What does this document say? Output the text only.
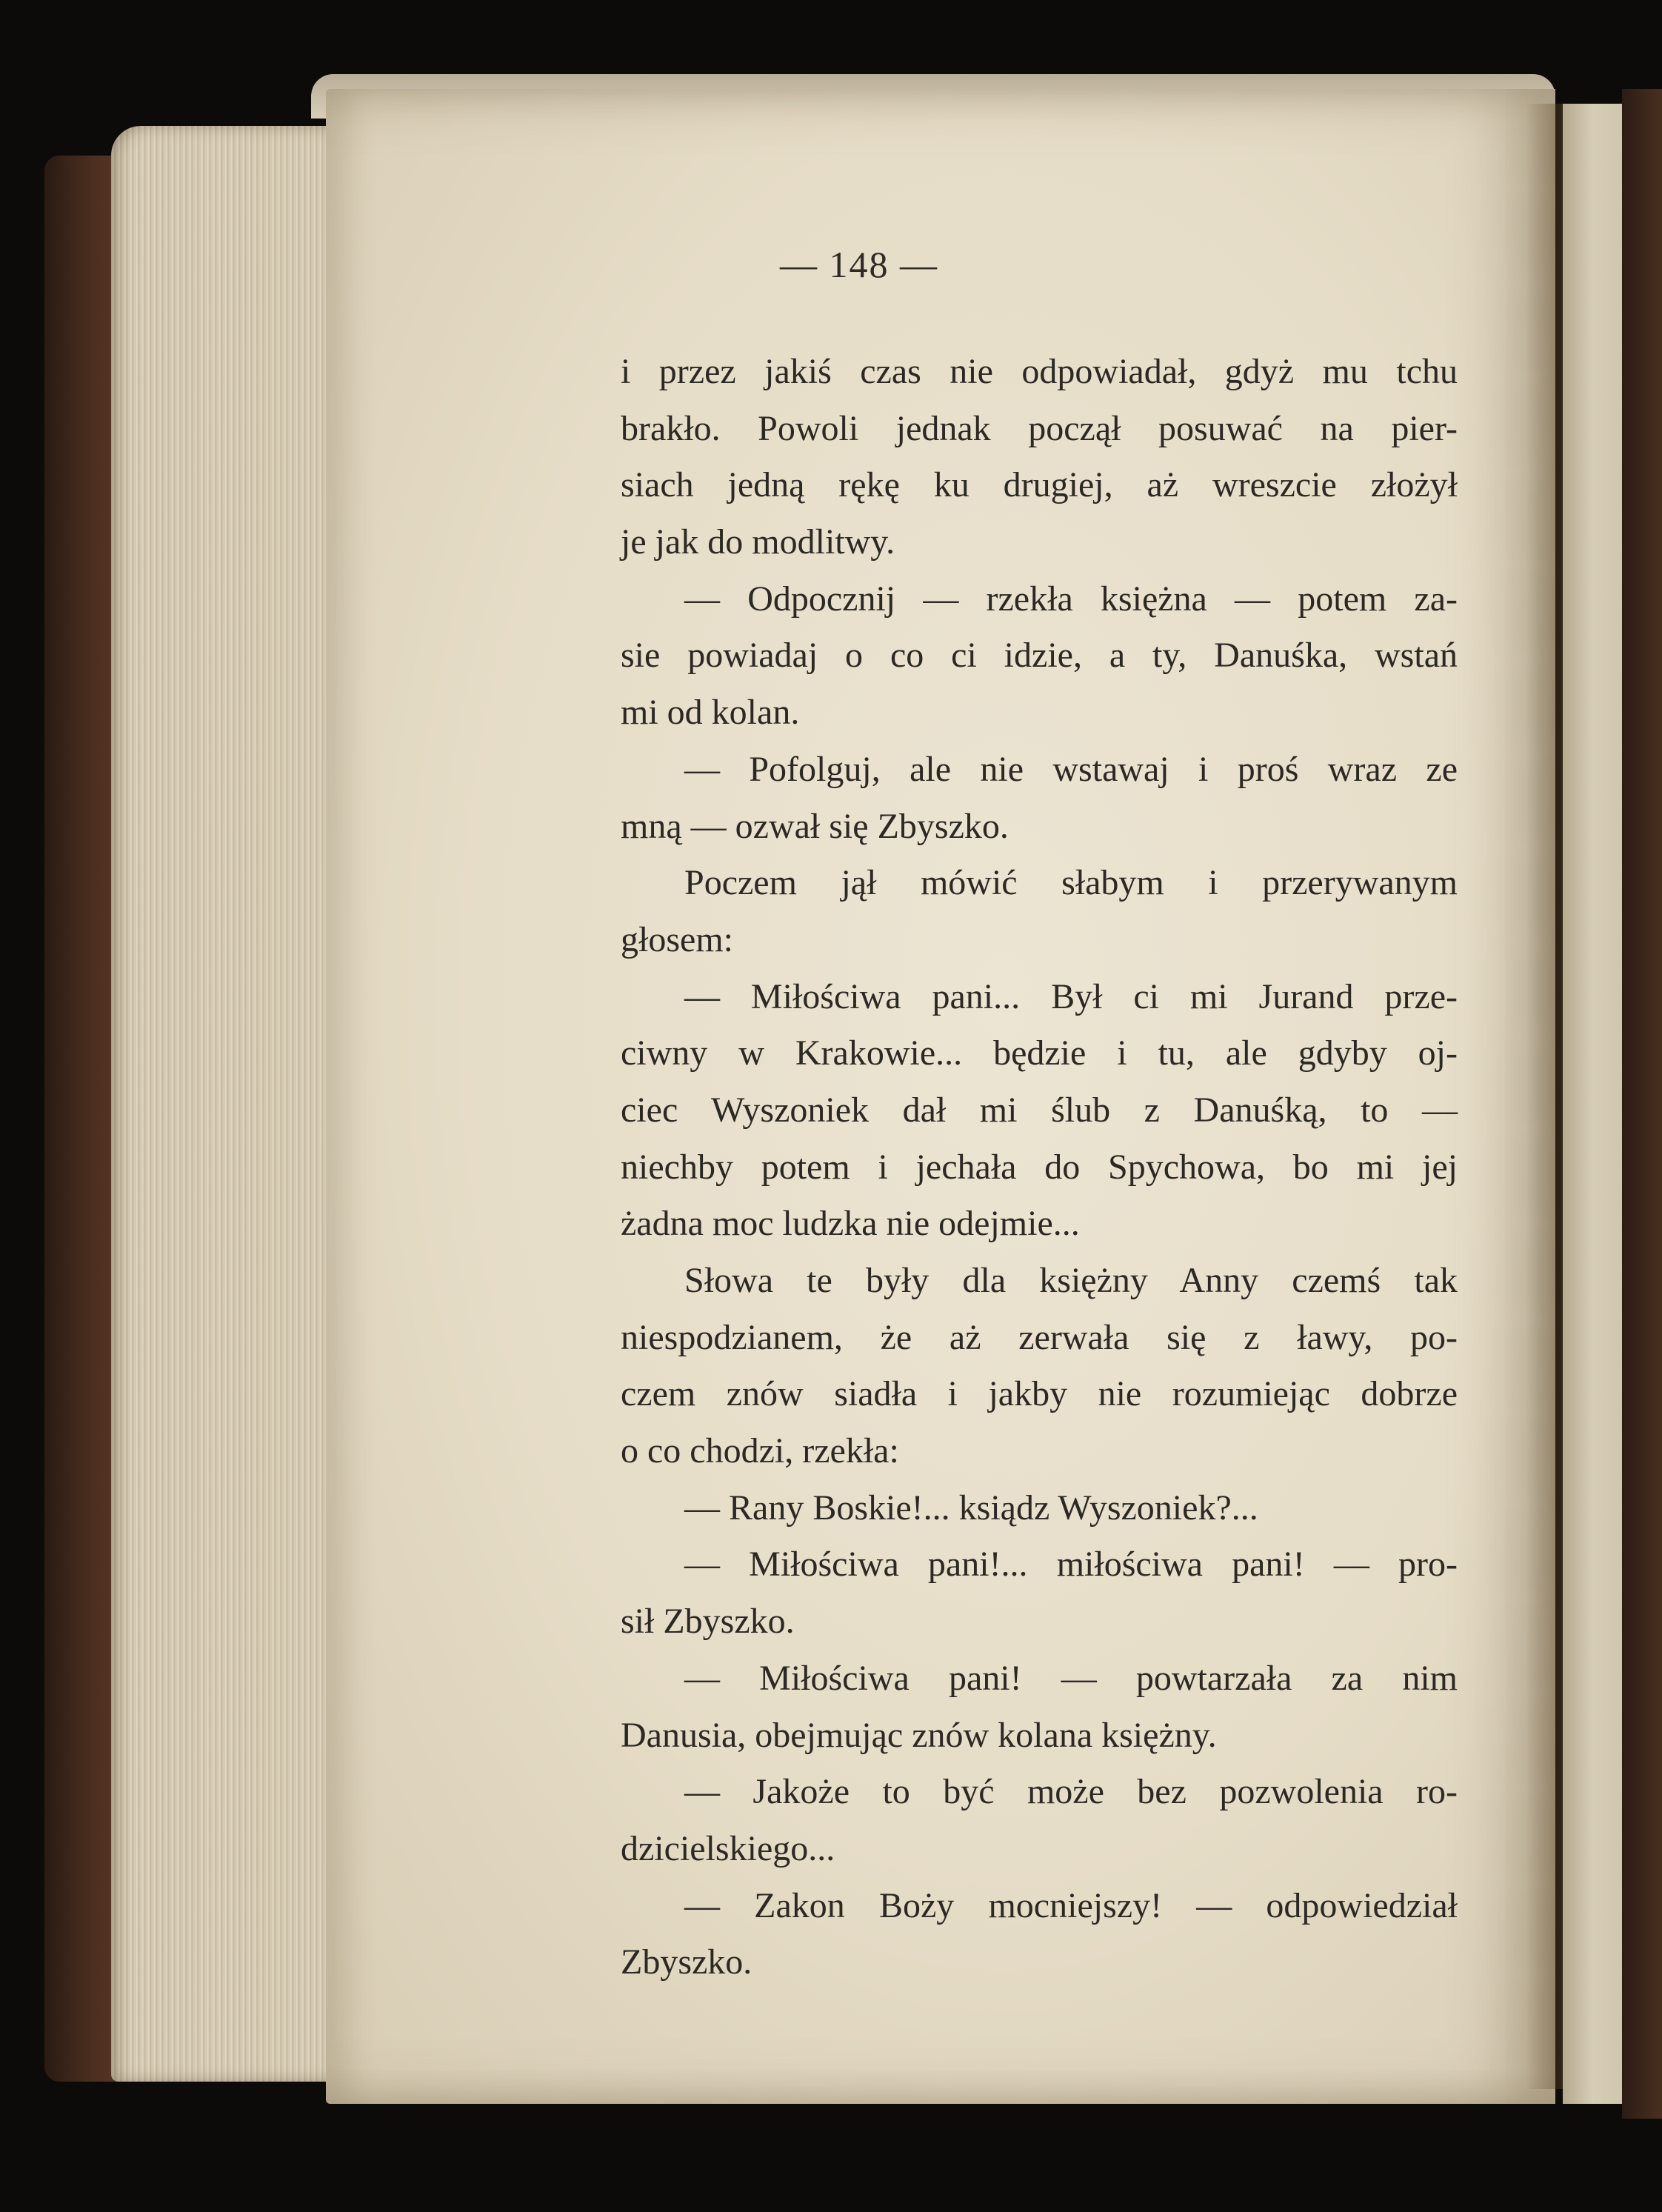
— 148 —
i przez jakiś czas nie odpowiadał, gdyż mu tchu
brakło. Powoli jednak począł posuwać na pier-
siach jedną rękę ku drugiej, aż wreszcie złożył
je jak do modlitwy.
— Odpocznij — rzekła księżna — potem za-
sie powiadaj o co ci idzie, a ty, Danuśka, wstań
mi od kolan.
— Pofolguj, ale nie wstawaj i proś wraz ze
mną — ozwał się Zbyszko.
Poczem jął mówić słabym i przerywanym
głosem:
— Miłościwa pani... Był ci mi Jurand prze-
ciwny w Krakowie... będzie i tu, ale gdyby oj-
ciec Wyszoniek dał mi ślub z Danuśką, to —
niechby potem i jechała do Spychowa, bo mi jej
żadna moc ludzka nie odejmie...
Słowa te były dla księżny Anny czemś tak
niespodzianem, że aż zerwała się z ławy, po-
czem znów siadła i jakby nie rozumiejąc dobrze
o co chodzi, rzekła:
— Rany Boskie!... ksiądz Wyszoniek?...
— Miłościwa pani!... miłościwa pani! — pro-
sił Zbyszko.
— Miłościwa pani! — powtarzała za nim
Danusia, obejmując znów kolana księżny.
— Jakoże to być może bez pozwolenia ro-
dzicielskiego...
— Zakon Boży mocniejszy! — odpowiedział
Zbyszko.
